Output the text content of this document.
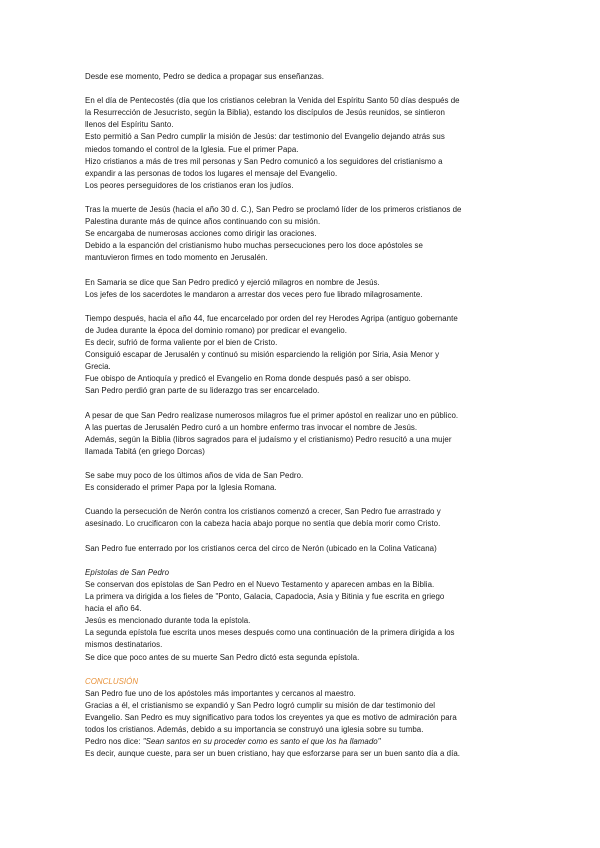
Desde ese momento, Pedro se dedica a propagar sus enseñanzas.

En el día de Pentecostés (día que los cristianos celebran la Venida del Espíritu Santo 50 días después de

la Resurrección de Jesucristo, según la Biblia), estando los discípulos de Jesús reunidos, se sintieron

llenos del Espíritu Santo.

Esto permitió a San Pedro cumplir la misión de Jesús: dar testimonio del Evangelio dejando atrás sus

miedos tomando el control de la Iglesia. Fue el primer Papa.

Hizo cristianos a más de tres mil personas y San Pedro comunicó a los seguidores del cristianismo a

expandir a las personas de todos los lugares el mensaje del Evangelio.

Los peores perseguidores de los cristianos eran los judíos.

Tras la muerte de Jesús (hacia el año 30 d. C.), San Pedro se proclamó líder de los primeros cristianos de

Palestina durante más de quince años continuando con su misión.

Se encargaba de numerosas acciones como dirigir las oraciones.

Debido a la espanción del cristianismo hubo muchas persecuciones pero los doce apóstoles se

mantuvieron firmes en todo momento en Jerusalén.

En Samaria se dice que San Pedro predicó y ejerció milagros en nombre de Jesús.

Los jefes de los sacerdotes le mandaron a arrestar dos veces pero fue librado milagrosamente.

Tiempo después, hacia el año 44, fue encarcelado por orden del rey Herodes Agripa (antiguo gobernante

de Judea durante la época del dominio romano) por predicar el evangelio.

Es decir, sufrió de forma valiente por el bien de Cristo.

Consiguió escapar de Jerusalén y continuó su misión esparciendo la religión por Siria, Asia Menor y

Grecia.

Fue obispo de Antioquía y predicó el Evangelio en Roma donde después pasó a ser obispo.

San Pedro perdió gran parte de su liderazgo tras ser encarcelado.

A pesar de que San Pedro realizase numerosos milagros fue el primer apóstol en realizar uno en público.

A las puertas de Jerusalén Pedro curó a un hombre enfermo tras invocar el nombre de Jesús.

Además, según la Biblia (libros sagrados para el judaísmo y el cristianismo) Pedro resucitó a una mujer

llamada Tabitá (en griego Dorcas)

Se sabe muy poco de los últimos años de vida de San Pedro.

Es considerado el primer Papa por la Iglesia Romana.

Cuando la persecución de Nerón contra los cristianos comenzó a crecer, San Pedro fue arrastrado y

asesinado. Lo crucificaron con la cabeza hacia abajo porque no sentía que debía morir como Cristo.

San Pedro fue enterrado por los cristianos cerca del circo de Nerón (ubicado en la Colina Vaticana)

Epístolas de San Pedro

Se conservan dos epístolas de San Pedro en el Nuevo Testamento y aparecen ambas en la Biblia.

La primera va dirigida a los fieles de "Ponto, Galacia, Capadocia, Asia y Bitinia y fue escrita en griego

hacia el año 64.

Jesús es mencionado durante toda la epístola.

La segunda epístola fue escrita unos meses después como una continuación de la primera dirigida a los

mismos destinatarios.

Se dice que poco antes de su muerte San Pedro dictó esta segunda epístola.

CONCLUSIÓN

San Pedro fue uno de los apóstoles más importantes y cercanos al maestro.

Gracias a él, el cristianismo se expandió y San Pedro logró cumplir su misión de dar testimonio del

Evangelio. San Pedro es muy significativo para todos los creyentes ya que es motivo de admiración para

todos los cristianos. Además, debido a su importancia se construyó una iglesia sobre su tumba.

Pedro nos dice: "Sean santos en su proceder como es santo el que los ha llamado"

Es decir, aunque cueste, para ser un buen cristiano, hay que esforzarse para ser un buen santo día a día.
